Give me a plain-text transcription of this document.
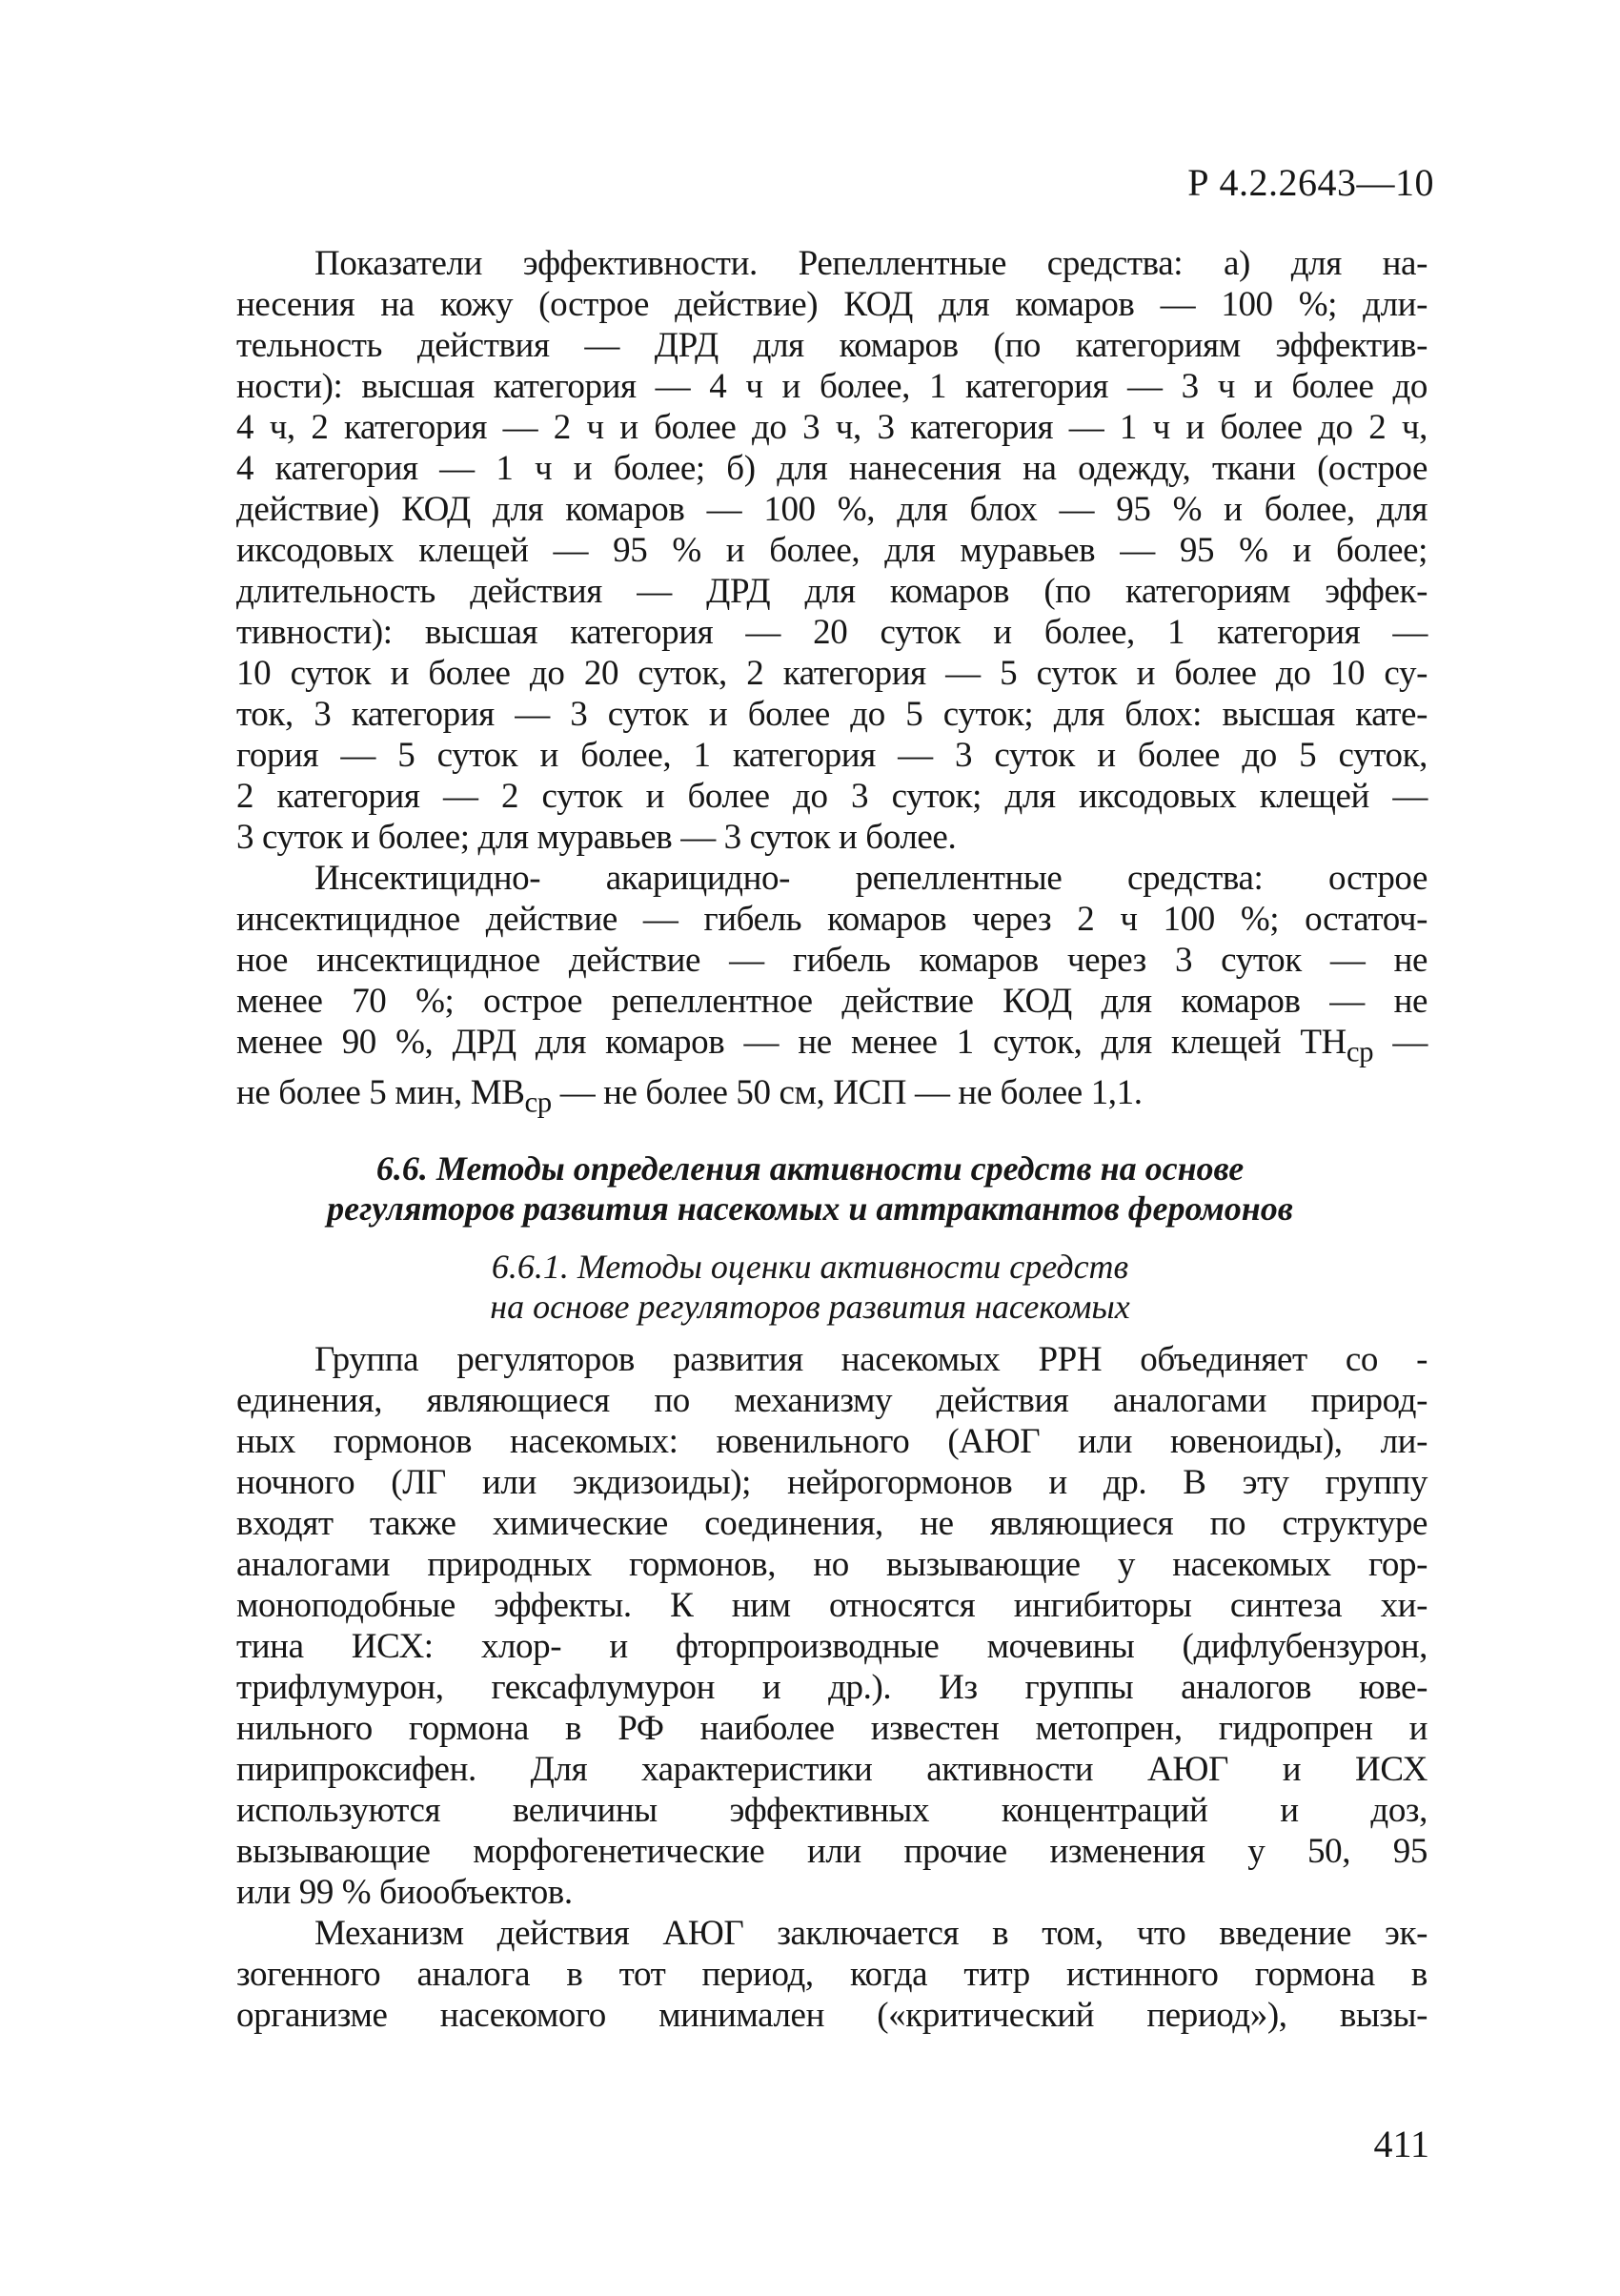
Р 4.2.2643—10

Показатели эффективности. Репеллентные средства: а) для на-
несения на кожу (острое действие) КОД для комаров — 100 %; дли-
тельность действия — ДРД для комаров (по категориям эффектив-
ности): высшая категория — 4 ч и более, 1 категория — 3 ч и более до
4 ч, 2 категория — 2 ч и более до 3 ч, 3 категория — 1 ч и более до 2 ч,
4 категория — 1 ч и более; б) для нанесения на одежду, ткани (острое
действие) КОД для комаров — 100 %, для блох — 95 % и более, для
иксодовых клещей — 95 % и более, для муравьев — 95 % и более;
длительность действия — ДРД для комаров (по категориям эффек-
тивности): высшая категория — 20 суток и более, 1 категория —
10 суток и более до 20 суток, 2 категория — 5 суток и более до 10 су-
ток, 3 категория — 3 суток и более до 5 суток; для блох: высшая кате-
гория — 5 суток и более, 1 категория — 3 суток и более до 5 суток,
2 категория — 2 суток и более до 3 суток; для иксодовых клещей —
3 суток и более; для муравьев — 3 суток и более.

Инсектицидно- акарицидно- репеллентные средства: острое
инсектицидное действие — гибель комаров через 2 ч 100 %; остаточ-
ное инсектицидное действие — гибель комаров через 3 суток — не
менее 70 %; острое репеллентное действие КОД для комаров — не
менее 90 %, ДРД для комаров — не менее 1 суток, для клещей $ТН_{ср}$ —
не более 5 мин, $МВ_{ср}$ — не более 50 см, ИСП — не более 1,1.

6.6. Методы определения активности средств на основе
регуляторов развития насекомых и аттрактантов феромонов
6.6.1. Методы оценки активности средств
на основе регуляторов развития насекомых

Группа регуляторов развития насекомых РРН объединяет со -
единения, являющиеся по механизму действия аналогами природ-
ных гормонов насекомых: ювенильного (АЮГ или ювеноиды), ли-
ночного (ЛГ или экдизоиды); нейрогормонов и др. В эту группу
входят также химические соединения, не являющиеся по структуре
аналогами природных гормонов, но вызывающие у насекомых гор-
моноподобные эффекты. К ним относятся ингибиторы синтеза хи-
тина ИСХ: хлор- и фторпроизводные мочевины (дифлубензурон,
трифлумурон, гексафлумурон и др.). Из группы аналогов юве-
нильного гормона в РФ наиболее известен метопрен, гидропрен и
пирипроксифен. Для характеристики активности АЮГ и ИСХ
используются величины эффективных концентраций и доз,
вызывающие морфогенетические или прочие изменения у 50, 95
или 99 % биообъектов.

Механизм действия АЮГ заключается в том, что введение эк-
зогенного аналога в тот период, когда титр истинного гормона в
организме насекомого минимален («критический период»), вызы-

411
